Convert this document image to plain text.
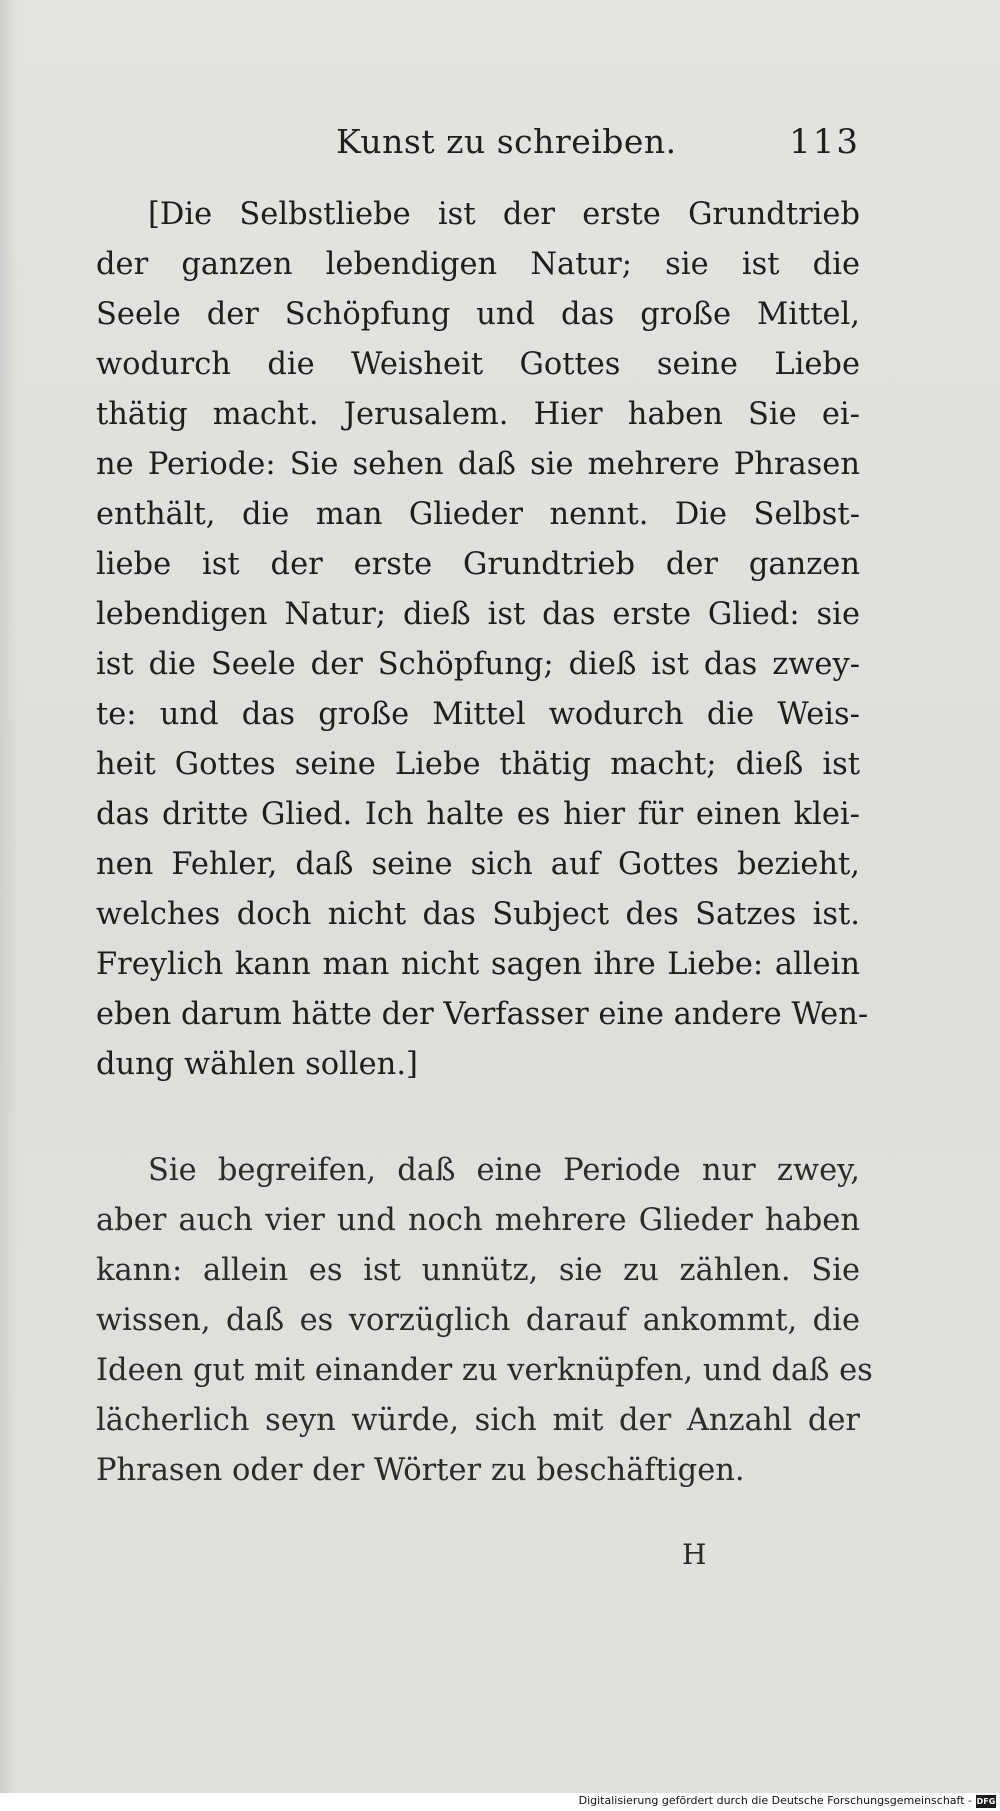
Kunst zu schreiben.	113
[Die Selbstliebe ist der erste Grundtrieb
der ganzen lebendigen Natur; sie ist die
Seele der Schöpfung und das große Mittel,
wodurch die Weisheit Gottes seine Liebe
thätig macht. Jerusalem. Hier haben Sie ei-
ne Periode: Sie sehen daß sie mehrere Phrasen
enthält, die man Glieder nennt. Die Selbst-
liebe ist der erste Grundtrieb der ganzen
lebendigen Natur; dieß ist das erste Glied: sie
ist die Seele der Schöpfung; dieß ist das zwey-
te: und das große Mittel wodurch die Weis-
heit Gottes seine Liebe thätig macht; dieß ist
das dritte Glied. Ich halte es hier für einen klei-
nen Fehler, daß seine sich auf Gottes bezieht,
welches doch nicht das Subject des Satzes ist.
Freylich kann man nicht sagen ihre Liebe: allein
eben darum hätte der Verfasser eine andere Wen-
dung wählen sollen.]
Sie begreifen, daß eine Periode nur zwey,
aber auch vier und noch mehrere Glieder haben
kann: allein es ist unnütz, sie zu zählen. Sie
wissen, daß es vorzüglich darauf ankommt, die
Ideen gut mit einander zu verknüpfen, und daß es
lächerlich seyn würde, sich mit der Anzahl der
Phrasen oder der Wörter zu beschäftigen.
H
Digitalisierung gefördert durch die Deutsche Forschungsgemeinschaft - DFG
